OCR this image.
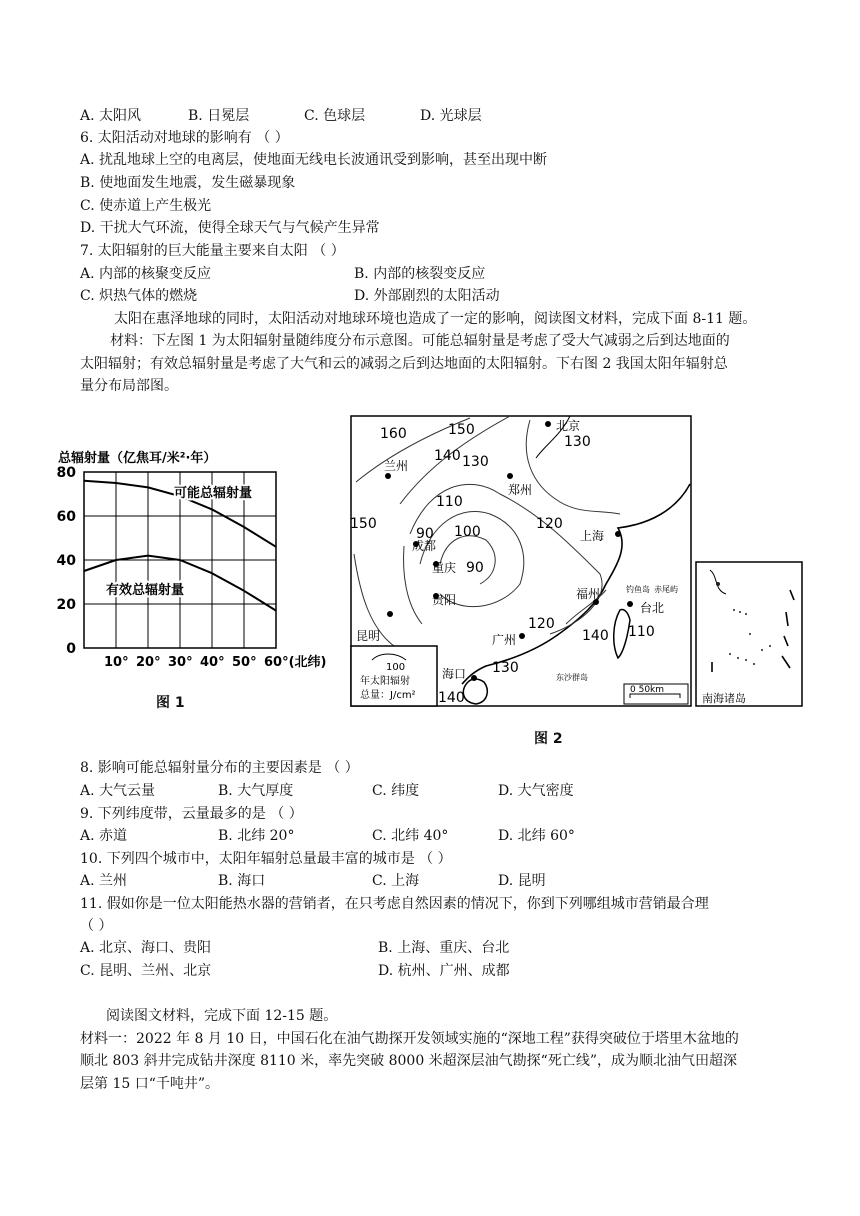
A. 太阳风	B. 日冕层	C. 色球层	D. 光球层
6. 太阳活动对地球的影响有 （ ）
A. 扰乱地球上空的电离层，使地面无线电长波通讯受到影响，甚至出现中断
B. 使地面发生地震，发生磁暴现象
C. 使赤道上产生极光
D. 干扰大气环流，使得全球天气与气候产生异常
7. 太阳辐射的巨大能量主要来自太阳 （ ）
A. 内部的核聚变反应	B. 内部的核裂变反应
C. 炽热气体的燃烧	D. 外部剧烈的太阳活动
太阳在惠泽地球的同时，太阳活动对地球环境也造成了一定的影响，阅读图文材料，完成下面 8-11 题。
材料：下左图 1 为太阳辐射量随纬度分布示意图。可能总辐射量是考虑了受大气减弱之后到达地面的
太阳辐射；有效总辐射量是考虑了大气和云的减弱之后到达地面的太阳辐射。下右图 2 我国太阳年辐射总
量分布局部图。
总辐射量（亿焦耳/米²·年）
0
20
40
60
80
10° 20° 30° 40° 50° 60°(北纬)
可能总辐射量
有效总辐射量
图 1
北京
兰州
郑州
成都
重庆
上海
贵阳	福州
台北
昆明	广州
海口
160	150
140 130
130
110
100
90
90
150	120
120
140 110
130
140
钓鱼岛 赤尾屿
东沙群岛
100
年太阳辐射
总量：J/cm²	0 50km
南海诸岛
图 2
8. 影响可能总辐射量分布的主要因素是 （ ）
A. 大气云量	B. 大气厚度	C. 纬度	D. 大气密度
9. 下列纬度带，云量最多的是 （ ）
A. 赤道	B. 北纬 20°	C. 北纬 40°	D. 北纬 60°
10. 下列四个城市中，太阳年辐射总量最丰富的城市是 （ ）
A. 兰州	B. 海口	C. 上海	D. 昆明
11. 假如你是一位太阳能热水器的营销者，在只考虑自然因素的情况下，你到下列哪组城市营销最合理
（ ）
A. 北京、海口、贵阳	B. 上海、重庆、台北
C. 昆明、兰州、北京	D. 杭州、广州、成都
阅读图文材料，完成下面 12-15 题。
材料一：2022 年 8 月 10 日，中国石化在油气勘探开发领域实施的“深地工程”获得突破位于塔里木盆地的
顺北 803 斜井完成钻井深度 8110 米，率先突破 8000 米超深层油气勘探“死亡线”，成为顺北油气田超深
层第 15 口“千吨井”。
